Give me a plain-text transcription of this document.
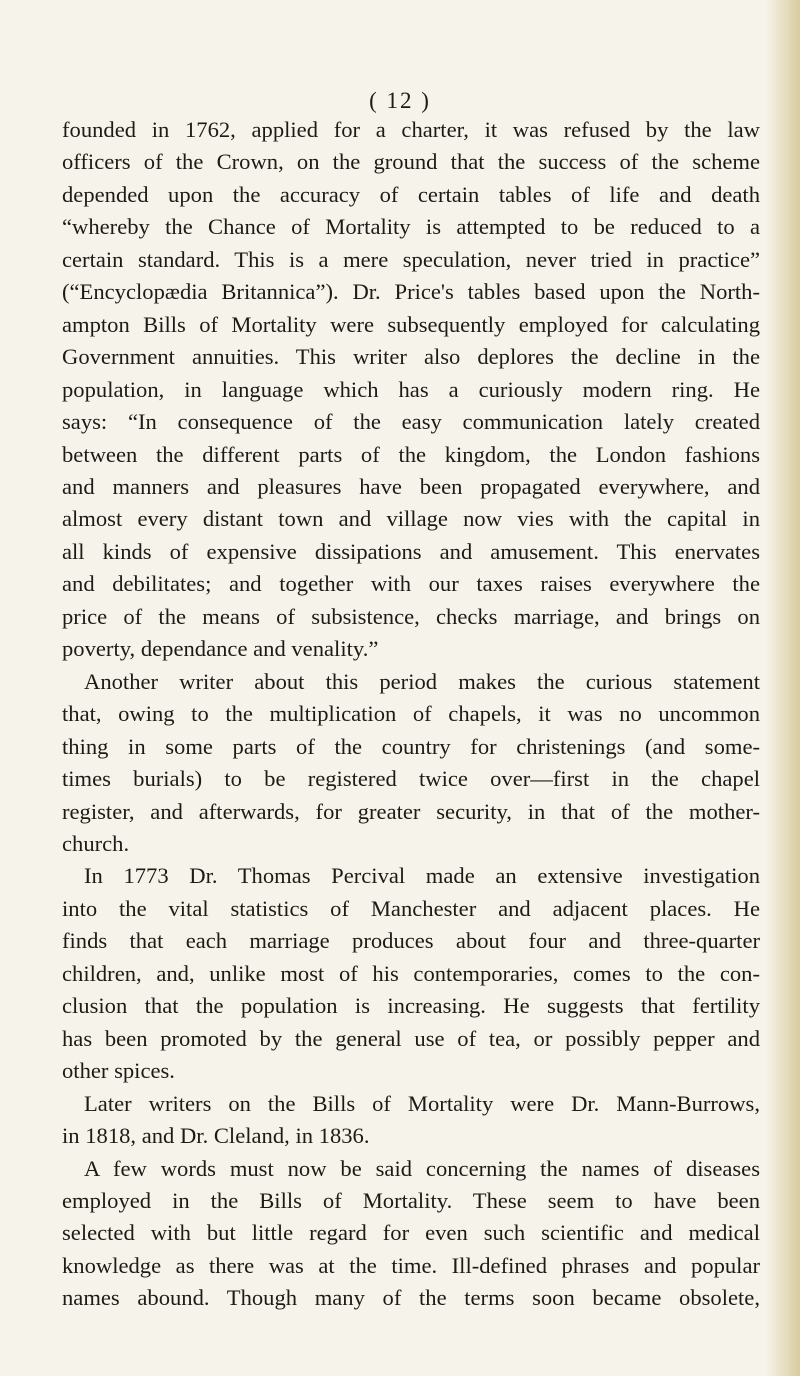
( 12 )
founded in 1762, applied for a charter, it was refused by the law
officers of the Crown, on the ground that the success of the scheme
depended upon the accuracy of certain tables of life and death
“whereby the Chance of Mortality is attempted to be reduced to a
certain standard. This is a mere speculation, never tried in practice”
(“Encyclopædia Britannica”). Dr. Price's tables based upon the North-
ampton Bills of Mortality were subsequently employed for calculating
Government annuities. This writer also deplores the decline in the
population, in language which has a curiously modern ring. He
says: “In consequence of the easy communication lately created
between the different parts of the kingdom, the London fashions
and manners and pleasures have been propagated everywhere, and
almost every distant town and village now vies with the capital in
all kinds of expensive dissipations and amusement. This enervates
and debilitates; and together with our taxes raises everywhere the
price of the means of subsistence, checks marriage, and brings on
poverty, dependance and venality.”
Another writer about this period makes the curious statement
that, owing to the multiplication of chapels, it was no uncommon
thing in some parts of the country for christenings (and some-
times burials) to be registered twice over—first in the chapel
register, and afterwards, for greater security, in that of the mother-
church.
In 1773 Dr. Thomas Percival made an extensive investigation
into the vital statistics of Manchester and adjacent places. He
finds that each marriage produces about four and three-quarter
children, and, unlike most of his contemporaries, comes to the con-
clusion that the population is increasing. He suggests that fertility
has been promoted by the general use of tea, or possibly pepper and
other spices.
Later writers on the Bills of Mortality were Dr. Mann-Burrows,
in 1818, and Dr. Cleland, in 1836.
A few words must now be said concerning the names of diseases
employed in the Bills of Mortality. These seem to have been
selected with but little regard for even such scientific and medical
knowledge as there was at the time. Ill-defined phrases and popular
names abound. Though many of the terms soon became obsolete,
